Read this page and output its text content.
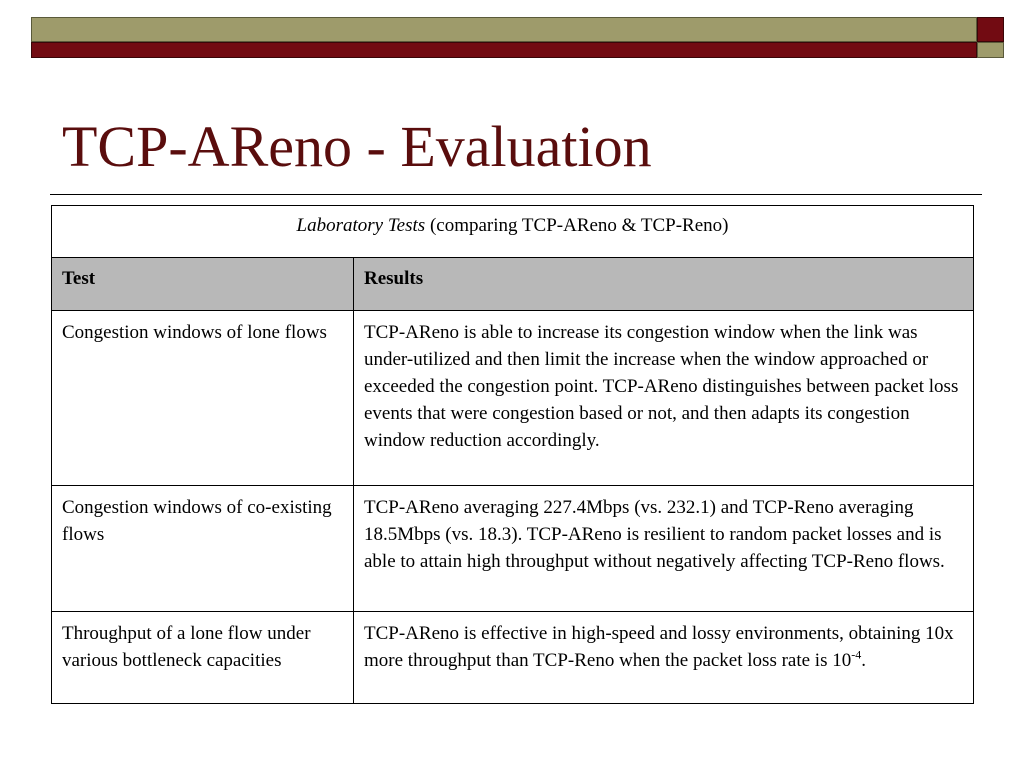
TCP-AReno - Evaluation
Laboratory Tests (comparing TCP-AReno & TCP-Reno)	
Test	Results
Congestion windows of lone flows	TCP-AReno is able to increase its congestion window when the link was under-utilized and then limit the increase when the window approached or exceeded the congestion point. TCP-AReno distinguishes between packet loss events that were congestion based or not, and then adapts its congestion window reduction accordingly.
Congestion windows of co-existing flows	TCP-AReno averaging 227.4Mbps (vs. 232.1) and TCP-Reno averaging 18.5Mbps (vs. 18.3). TCP-AReno is resilient to random packet losses and is able to attain high throughput without negatively affecting TCP-Reno flows.
Throughput of a lone flow under various bottleneck capacities	TCP-AReno is effective in high-speed and lossy environments, obtaining 10x more throughput than TCP-Reno when the packet loss rate is $10^{-4}$.
